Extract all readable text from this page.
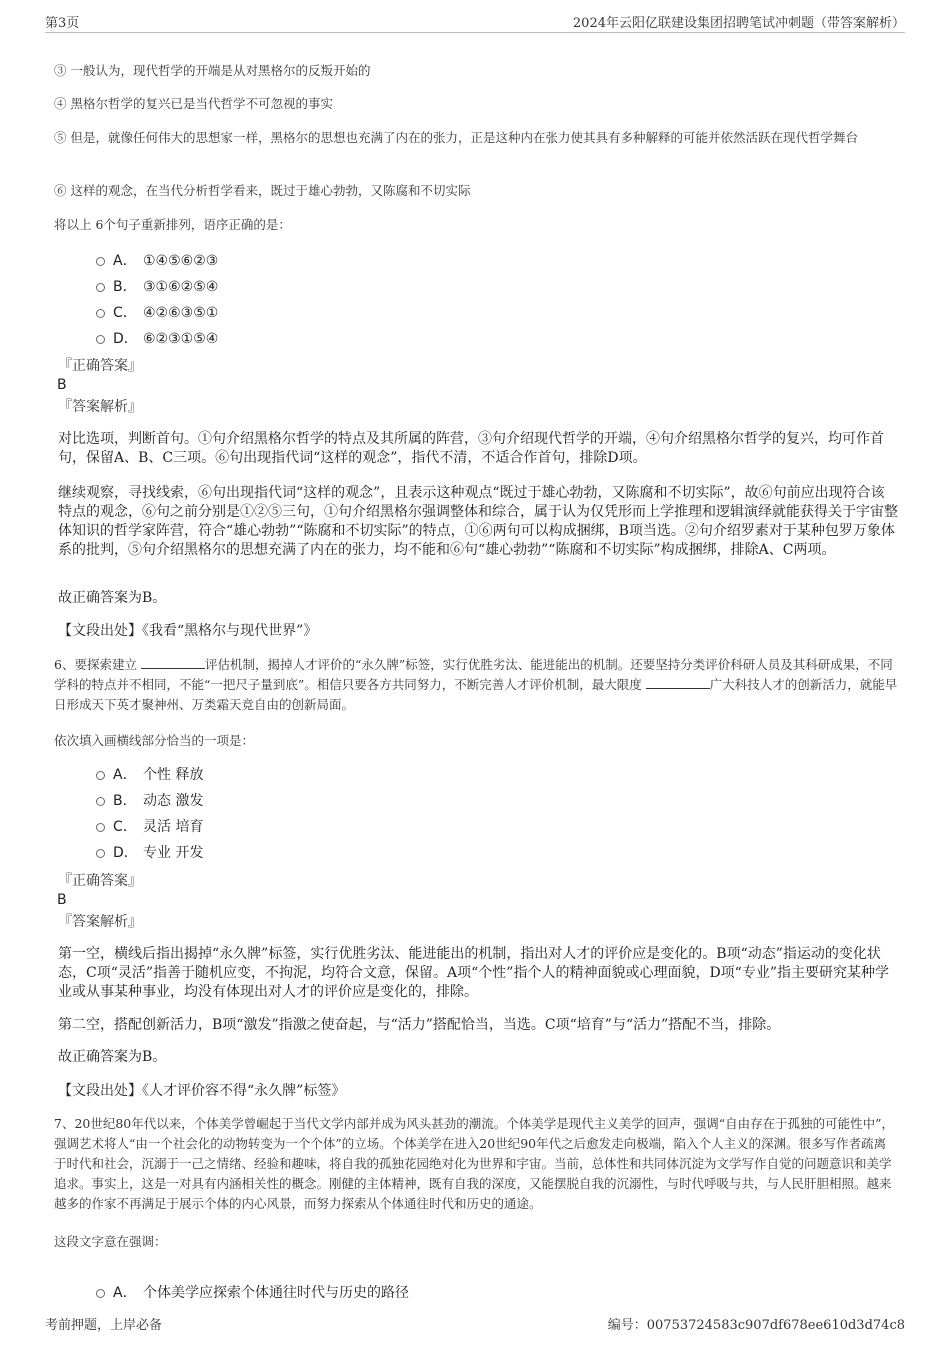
第3页	2024年云阳亿联建设集团招聘笔试冲刺题（带答案解析）
③ 一般认为，现代哲学的开端是从对黑格尔的反叛开始的
④ 黑格尔哲学的复兴已是当代哲学不可忽视的事实
⑤ 但是，就像任何伟大的思想家一样，黑格尔的思想也充满了内在的张力，正是这种内在张力使其具有多种解释的可能并依然活跃在现代哲学舞台
⑥ 这样的观念，在当代分析哲学看来，既过于雄心勃勃，又陈腐和不切实际
将以上 6个句子重新排列，语序正确的是：
A． ①④⑤⑥②③
B． ③①⑥②⑤④
C． ④②⑥③⑤①
D． ⑥②③①⑤④
『正确答案』
B
『答案解析』
对比选项，判断首句。①句介绍黑格尔哲学的特点及其所属的阵营，③句介绍现代哲学的开端，④句介绍黑格尔哲学的复兴，均可作首句，保留A、B、C三项。⑥句出现指代词“这样的观念”，指代不清，不适合作首句，排除D项。
继续观察，寻找线索，⑥句出现指代词“这样的观念”，且表示这种观点“既过于雄心勃勃，又陈腐和不切实际”，故⑥句前应出现符合该特点的观念，⑥句之前分别是①②⑤三句，①句介绍黑格尔强调整体和综合，属于认为仅凭形而上学推理和逻辑演绎就能获得关于宇宙整体知识的哲学家阵营，符合“雄心勃勃”“陈腐和不切实际”的特点，①⑥两句可以构成捆绑，B项当选。②句介绍罗素对于某种包罗万象体系的批判，⑤句介绍黑格尔的思想充满了内在的张力，均不能和⑥句“雄心勃勃”“陈腐和不切实际”构成捆绑，排除A、C两项。
故正确答案为B。
【文段出处】《我看“黑格尔与现代世界”》
6、要探索建立	评估机制，揭掉人才评价的“永久牌”标签，实行优胜劣汰、能进能出的机制。还要坚持分类评价科研人员及其科研成果，不同学科的特点并不相同，不能“一把尺子量到底”。相信只要各方共同努力，不断完善人才评价机制，最大限度	广大科技人才的创新活力，就能早日形成天下英才聚神州、万类霜天竞自由的创新局面。
依次填入画横线部分恰当的一项是：
A． 个性 释放
B． 动态 激发
C． 灵活 培育
D． 专业 开发
『正确答案』
B
『答案解析』
第一空，横线后指出揭掉“永久牌”标签，实行优胜劣汰、能进能出的机制，指出对人才的评价应是变化的。B项“动态”指运动的变化状态，C项“灵活”指善于随机应变，不拘泥，均符合文意，保留。A项“个性”指个人的精神面貌或心理面貌，D项“专业”指主要研究某种学业或从事某种事业，均没有体现出对人才的评价应是变化的，排除。
第二空，搭配创新活力，B项“激发”指激之使奋起，与“活力”搭配恰当，当选。C项“培育”与“活力”搭配不当，排除。
故正确答案为B。
【文段出处】《人才评价容不得“永久牌”标签》
7、20世纪80年代以来，个体美学曾崛起于当代文学内部并成为风头甚劲的潮流。个体美学是现代主义美学的回声，强调“自由存在于孤独的可能性中”，强调艺术将人“由一个社会化的动物转变为一个个体”的立场。个体美学在进入20世纪90年代之后愈发走向极端，陷入个人主义的深渊。很多写作者疏离于时代和社会，沉溺于一己之情绪、经验和趣味，将自我的孤独花园绝对化为世界和宇宙。当前，总体性和共同体沉淀为文学写作自觉的问题意识和美学追求。事实上，这是一对具有内涵相关性的概念。刚健的主体精神，既有自我的深度，又能摆脱自我的沉溺性，与时代呼吸与共，与人民肝胆相照。越来越多的作家不再满足于展示个体的内心风景，而努力探索从个体通往时代和历史的通途。
这段文字意在强调：
A． 个体美学应探索个体通往时代与历史的路径
考前押题，上岸必备	编号：00753724583c907df678ee610d3d74c8
